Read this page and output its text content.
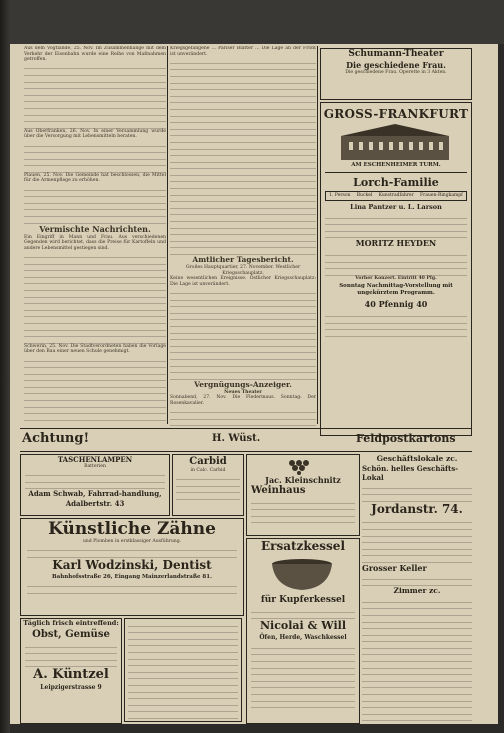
Aus dem Vogtlande, 25. Nov. Im Zusammenhange mit dem Verkehr der Eisenbahn wurde eine Reihe von Maßnahmen getroffen.
Aus Oberfranken, 26. Nov. In einer Versammlung wurde über die Versorgung mit Lebensmitteln beraten.
Plauen, 25. Nov. Die Gemeinde hat beschlossen, die Mittel für die Armenpflege zu erhöhen.
Vermischte Nachrichten.
Ein Eingriff in Mann und Frau. Aus verschiedenen Gegenden wird berichtet, dass die Preise für Kartoffeln und andere Lebensmittel gestiegen sind.
Schwerin, 25. Nov. Die Stadtverordneten haben die Vorlage über den Bau einer neuen Schule genehmigt.
Kriegsgefangene ... Pariser Blätter ... Die Lage an der Front ist unverändert.
Amtlicher Tagesbericht.
Großes Hauptquartier, 27. November. Westlicher Kriegsschauplatz.
Keine wesentlichen Ereignisse. Östlicher Kriegsschauplatz: Die Lage ist unverändert.
Vergnügungs-Anzeiger.
Neues Theater
Sonnabend, 27. Nov. Die Fledermaus. Sonntag: Der Rosenkavalier.
Schumann-Theater
Die geschiedene Frau.
Die geschiedene Frau. Operette in 3 Akten.
GROSS-FRANKFURT
AM ESCHENHEIMER TURM.
Lorch-Familie
1. Person Buckel Kunstradfahrer Frauen-Ringkampf
Lina Pantzer u. L. Larson
MORITZ HEYDEN
Vorher Konzert. Eintritt 40 Pfg.
Sonntag Nachmittag-Vorstellung mit ungekürztem Programm.
40 Pfennig 40
Achtung!	H. Wüst.	Feldpostkartons
TASCHENLAMPEN
Batterien
Adam Schwab, Fahrrad-handlung, Adalbertstr. 43
Carbid
in Calc. Carbid
Künstliche Zähne
und Plomben in erstklassiger Ausführung.
Karl Wodzinski, Dentist
Bahnhofsstraße 26, Eingang Mainzerlandstraße 81.
Täglich frisch eintreffend:
Obst, Gemüse
A. Küntzel
Leipzigerstrasse 9
Jac. Kleinschnitz
Weinhaus
Ersatzkessel
für Kupferkessel
Nicolai & Will
Öfen, Herde, Waschkessel
Geschäftslokale zc.
Schön. helles Geschäfts-Lokal
Jordanstr. 74.
Grosser Keller
Zimmer zc.
